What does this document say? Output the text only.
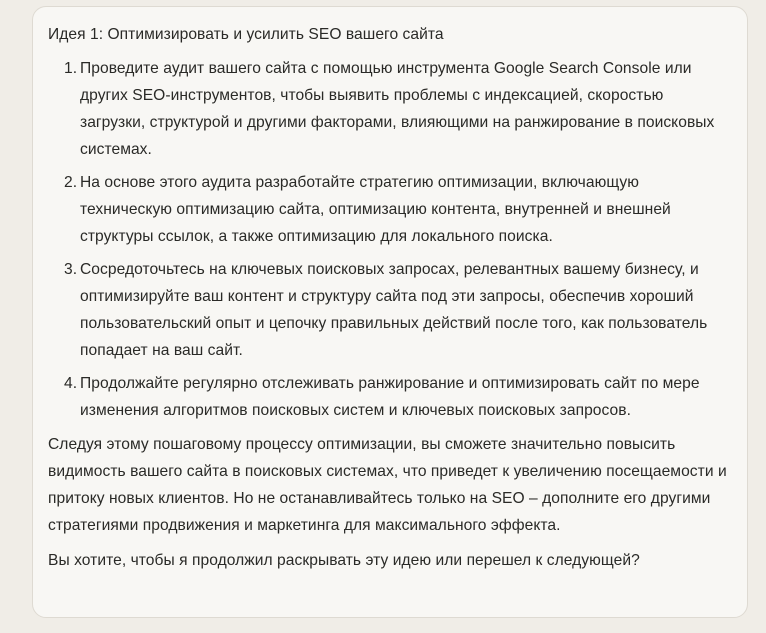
Идея 1: Оптимизировать и усилить SEO вашего сайта
1. Проведите аудит вашего сайта с помощью инструмента Google Search Console или других SEO-инструментов, чтобы выявить проблемы с индексацией, скоростью загрузки, структурой и другими факторами, влияющими на ранжирование в поисковых системах.
2. На основе этого аудита разработайте стратегию оптимизации, включающую техническую оптимизацию сайта, оптимизацию контента, внутренней и внешней структуры ссылок, а также оптимизацию для локального поиска.
3. Сосредоточьтесь на ключевых поисковых запросах, релевантных вашему бизнесу, и оптимизируйте ваш контент и структуру сайта под эти запросы, обеспечив хороший пользовательский опыт и цепочку правильных действий после того, как пользователь попадает на ваш сайт.
4. Продолжайте регулярно отслеживать ранжирование и оптимизировать сайт по мере изменения алгоритмов поисковых систем и ключевых поисковых запросов.

Следуя этому пошаговому процессу оптимизации, вы сможете значительно повысить видимость вашего сайта в поисковых системах, что приведет к увеличению посещаемости и притоку новых клиентов. Но не останавливайтесь только на SEO – дополните его другими стратегиями продвижения и маркетинга для максимального эффекта.

Вы хотите, чтобы я продолжил раскрывать эту идею или перешел к следующей?
